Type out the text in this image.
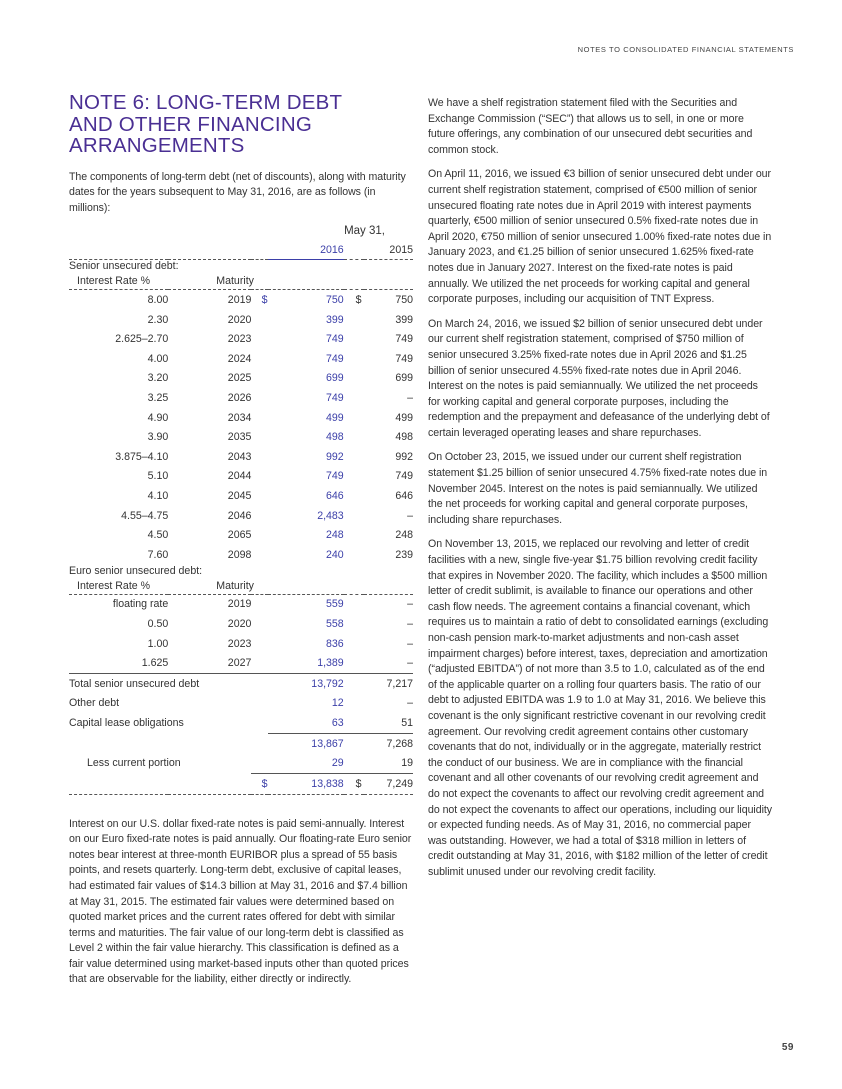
NOTES TO CONSOLIDATED FINANCIAL STATEMENTS
NOTE 6: LONG-TERM DEBT
AND OTHER FINANCING
ARRANGEMENTS

The components of long-term debt (net of discounts), along with maturity dates for the years subsequent to May 31, 2016, are as follows (in millions):

May 31,					
			2016	2015	
Senior unsecured debt:					
Interest Rate %	Maturity				
8.00	2019	$	750	$	750
2.30	2020		399		399
2.625–2.70	2023		749		749
4.00	2024		749		749
3.20	2025		699		699
3.25	2026		749		–
4.90	2034		499		499
3.90	2035		498		498
3.875–4.10	2043		992		992
5.10	2044		749		749
4.10	2045		646		646
4.55–4.75	2046		2,483		–
4.50	2065		248		248
7.60	2098		240		239
Euro senior unsecured debt:					
Interest Rate %	Maturity				
floating rate	2019		559		–
0.50	2020		558		–
1.00	2023		836		–
1.625	2027		1,389		–
Total senior unsecured debt			13,792	7,217	
Other debt			12	–	
Capital lease obligations			63	51	
			13,867	7,268	
Less current portion			29	19	
		$	13,838	$	7,249

Interest on our U.S. dollar fixed-rate notes is paid semi-annually. Interest on our Euro fixed-rate notes is paid annually. Our floating-rate Euro senior notes bear interest at three-month EURIBOR plus a spread of 55 basis points, and resets quarterly. Long-term debt, exclusive of capital leases, had estimated fair values of $14.3 billion at May 31, 2016 and $7.4 billion at May 31, 2015. The estimated fair values were determined based on quoted market prices and the current rates offered for debt with similar terms and maturities. The fair value of our long-term debt is classified as Level 2 within the fair value hierarchy. This classification is defined as a fair value determined using market-based inputs other than quoted prices that are observable for the liability, either directly or indirectly.

We have a shelf registration statement filed with the Securities and Exchange Commission (“SEC”) that allows us to sell, in one or more future offerings, any combination of our unsecured debt securities and common stock.

On April 11, 2016, we issued €3 billion of senior unsecured debt under our current shelf registration statement, comprised of €500 million of senior unsecured floating rate notes due in April 2019 with interest payments quarterly, €500 million of senior unsecured 0.5% fixed-rate notes due in April 2020, €750 million of senior unsecured 1.00% fixed-rate notes due in January 2023, and €1.25 billion of senior unsecured 1.625% fixed-rate notes due in January 2027. Interest on the fixed-rate notes is paid annually. We utilized the net proceeds for working capital and general corporate purposes, including our acquisition of TNT Express.

On March 24, 2016, we issued $2 billion of senior unsecured debt under our current shelf registration statement, comprised of $750 million of senior unsecured 3.25% fixed-rate notes due in April 2026 and $1.25 billion of senior unsecured 4.55% fixed-rate notes due in April 2046. Interest on the notes is paid semiannually. We utilized the net proceeds for working capital and general corporate purposes, including the redemption and the prepayment and defeasance of the underlying debt of certain leveraged operating leases and share repurchases.

On October 23, 2015, we issued under our current shelf registration statement $1.25 billion of senior unsecured 4.75% fixed-rate notes due in November 2045. Interest on the notes is paid semiannually. We utilized the net proceeds for working capital and general corporate purposes, including share repurchases.

On November 13, 2015, we replaced our revolving and letter of credit facilities with a new, single five-year $1.75 billion revolving credit facility that expires in November 2020. The facility, which includes a $500 million letter of credit sublimit, is available to finance our operations and other cash flow needs. The agreement contains a financial covenant, which requires us to maintain a ratio of debt to consolidated earnings (excluding non-cash pension mark-to-market adjustments and non-cash asset impairment charges) before interest, taxes, depreciation and amortization (“adjusted EBITDA”) of not more than 3.5 to 1.0, calculated as of the end of the applicable quarter on a rolling four quarters basis. The ratio of our debt to adjusted EBITDA was 1.9 to 1.0 at May 31, 2016. We believe this covenant is the only significant restrictive covenant in our revolving credit agreement. Our revolving credit agreement contains other customary covenants that do not, individually or in the aggregate, materially restrict the conduct of our business. We are in compliance with the financial covenant and all other covenants of our revolving credit agreement and do not expect the covenants to affect our revolving credit agreement and do not expect the covenants to affect our operations, including our liquidity or expected funding needs. As of May 31, 2016, no commercial paper was outstanding. However, we had a total of $318 million in letters of credit outstanding at May 31, 2016, with $182 million of the letter of credit sublimit unused under our revolving credit facility.

59
